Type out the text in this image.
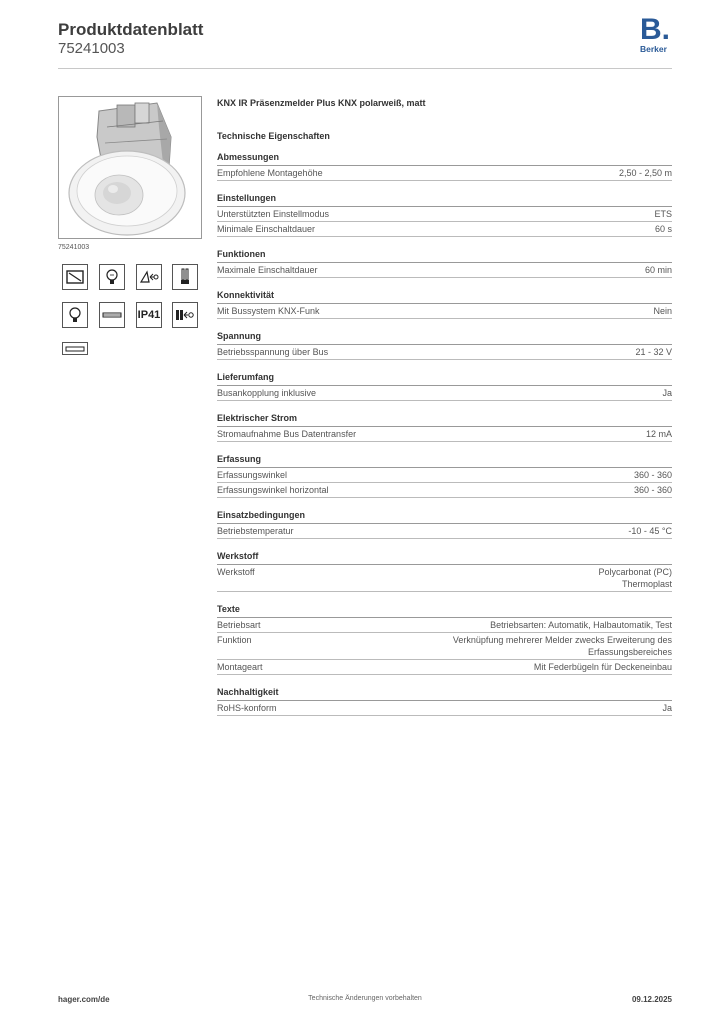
Produktdatenblatt
75241003
B.
Berker
75241003
IP41
KNX IR Präsenzmelder Plus KNX polarweiß, matt
Technische Eigenschaften
Abmessungen
Empfohlene Montagehöhe	2,50 - 2,50 m
Einstellungen
Unterstützten Einstellmodus	ETS
Minimale Einschaltdauer	60 s
Funktionen
Maximale Einschaltdauer	60 min
Konnektivität
Mit Bussystem KNX-Funk	Nein
Spannung
Betriebsspannung über Bus	21 - 32 V
Lieferumfang
Busankopplung inklusive	Ja
Elektrischer Strom
Stromaufnahme Bus Datentransfer	12 mA
Erfassung
Erfassungswinkel	360 - 360
Erfassungswinkel horizontal	360 - 360
Einsatzbedingungen
Betriebstemperatur	-10 - 45 °C
Werkstoff
Werkstoff	Polycarbonat (PC)
Thermoplast
Texte
Betriebsart	Betriebsarten: Automatik, Halbautomatik, Test
Funktion	Verknüpfung mehrerer Melder zwecks Erweiterung des Erfassungsbereiches
Montageart	Mit Federbügeln für Deckeneinbau
Nachhaltigkeit
RoHS-konform	Ja
hager.com/de	Technische Änderungen vorbehalten	09.12.2025
